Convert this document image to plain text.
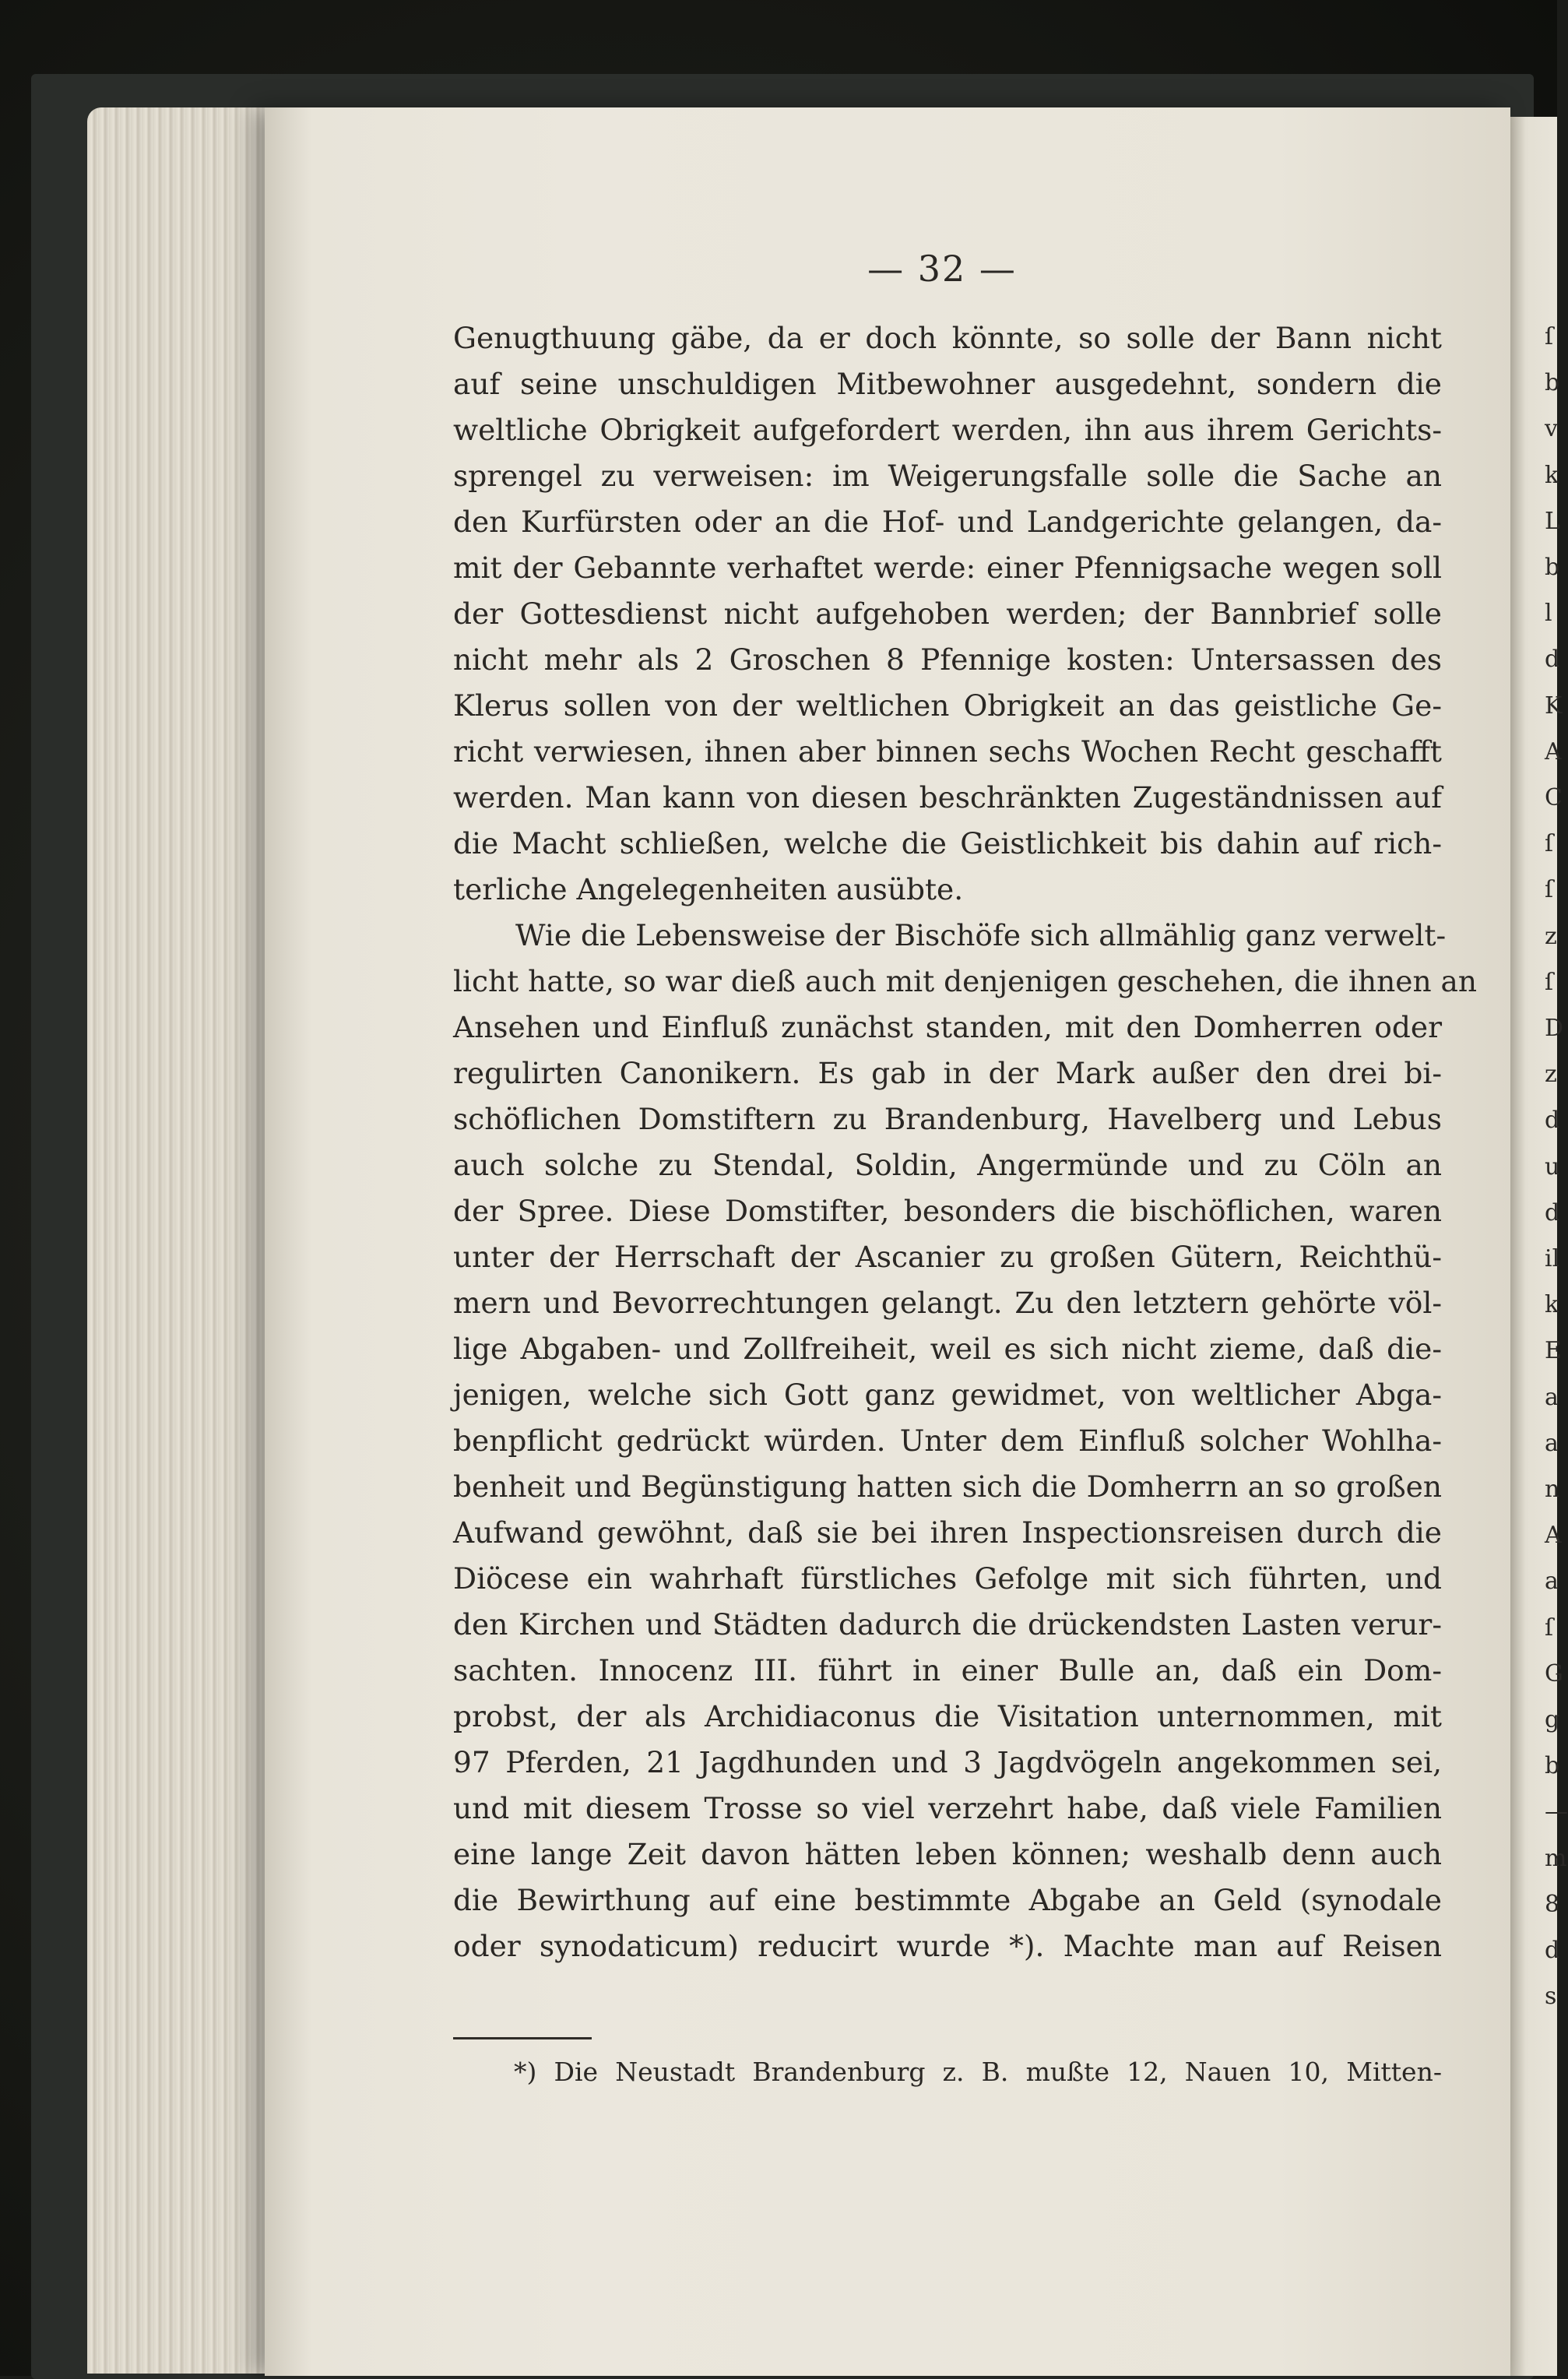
— 32 —
Genugthuung gäbe, da er doch könnte, so solle der Bann nicht
auf seine unschuldigen Mitbewohner ausgedehnt, sondern die
weltliche Obrigkeit aufgefordert werden, ihn aus ihrem Gerichts-
sprengel zu verweisen: im Weigerungsfalle solle die Sache an
den Kurfürsten oder an die Hof- und Landgerichte gelangen, da-
mit der Gebannte verhaftet werde: einer Pfennigsache wegen soll
der Gottesdienst nicht aufgehoben werden; der Bannbrief solle
nicht mehr als 2 Groschen 8 Pfennige kosten: Untersassen des
Klerus sollen von der weltlichen Obrigkeit an das geistliche Ge-
richt verwiesen, ihnen aber binnen sechs Wochen Recht geschafft
werden. Man kann von diesen beschränkten Zugeständnissen auf
die Macht schließen, welche die Geistlichkeit bis dahin auf rich-
terliche Angelegenheiten ausübte.
Wie die Lebensweise der Bischöfe sich allmählig ganz verwelt-
licht hatte, so war dieß auch mit denjenigen geschehen, die ihnen an
Ansehen und Einfluß zunächst standen, mit den Domherren oder
regulirten Canonikern. Es gab in der Mark außer den drei bi-
schöflichen Domstiftern zu Brandenburg, Havelberg und Lebus
auch solche zu Stendal, Soldin, Angermünde und zu Cöln an
der Spree. Diese Domstifter, besonders die bischöflichen, waren
unter der Herrschaft der Ascanier zu großen Gütern, Reichthü-
mern und Bevorrechtungen gelangt. Zu den letztern gehörte völ-
lige Abgaben- und Zollfreiheit, weil es sich nicht zieme, daß die-
jenigen, welche sich Gott ganz gewidmet, von weltlicher Abga-
benpflicht gedrückt würden. Unter dem Einfluß solcher Wohlha-
benheit und Begünstigung hatten sich die Domherrn an so großen
Aufwand gewöhnt, daß sie bei ihren Inspectionsreisen durch die
Diöcese ein wahrhaft fürstliches Gefolge mit sich führten, und
den Kirchen und Städten dadurch die drückendsten Lasten verur-
sachten. Innocenz III. führt in einer Bulle an, daß ein Dom-
probst, der als Archidiaconus die Visitation unternommen, mit
97 Pferden, 21 Jagdhunden und 3 Jagdvögeln angekommen sei,
und mit diesem Trosse so viel verzehrt habe, daß viele Familien
eine lange Zeit davon hätten leben können; weshalb denn auch
die Bewirthung auf eine bestimmte Abgabe an Geld (synodale
oder synodaticum) reducirt wurde *). Machte man auf Reisen
*) Die Neustadt Brandenburg z. B. mußte 12, Nauen 10, Mitten-
ſ
b
v
k
L
b
l
d
K
A
C
ſ
ſ
z
ſ
D
z
d
u
d
il
k
E
a
a
n
A
a
ſ
G
g
b
—
m
8
d
s
